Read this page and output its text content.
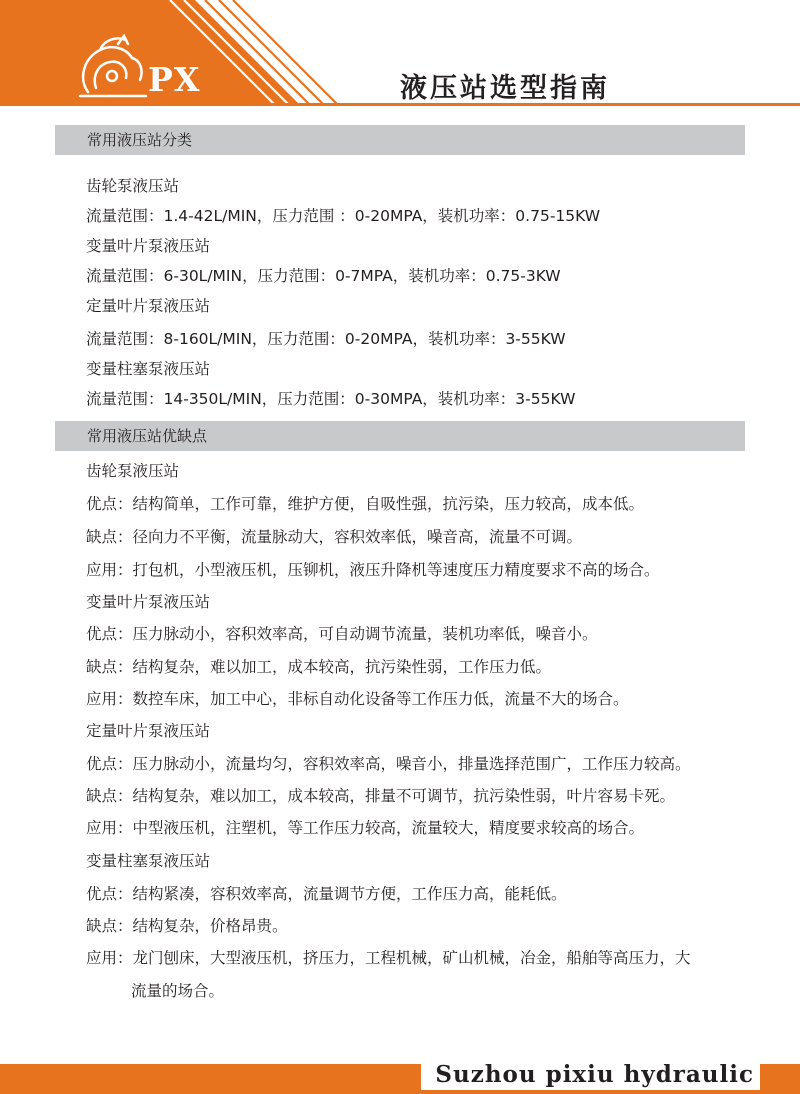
PX	液压站选型指南
常用液压站分类
齿轮泵液压站
流量范围：1.4-42L/MIN，压力范围 ：0-20MPA，装机功率：0.75-15KW
变量叶片泵液压站
流量范围：6-30L/MIN，压力范围：0-7MPA，装机功率：0.75-3KW
定量叶片泵液压站
流量范围：8-160L/MIN，压力范围：0-20MPA，装机功率：3-55KW
变量柱塞泵液压站
流量范围：14-350L/MIN，压力范围：0-30MPA，装机功率：3-55KW
常用液压站优缺点
齿轮泵液压站
优点：结构简单，工作可靠，维护方便，自吸性强，抗污染，压力较高，成本低。
缺点：径向力不平衡，流量脉动大，容积效率低，噪音高，流量不可调。
应用：打包机，小型液压机，压铆机，液压升降机等速度压力精度要求不高的场合。
变量叶片泵液压站
优点：压力脉动小，容积效率高，可自动调节流量，装机功率低，噪音小。
缺点：结构复杂，难以加工，成本较高，抗污染性弱，工作压力低。
应用：数控车床，加工中心，非标自动化设备等工作压力低，流量不大的场合。
定量叶片泵液压站
优点：压力脉动小，流量均匀，容积效率高，噪音小，排量选择范围广，工作压力较高。
缺点：结构复杂，难以加工，成本较高，排量不可调节，抗污染性弱，叶片容易卡死。
应用：中型液压机，注塑机，等工作压力较高，流量较大，精度要求较高的场合。
变量柱塞泵液压站
优点：结构紧凑，容积效率高，流量调节方便，工作压力高，能耗低。
缺点：结构复杂，价格昂贵。
应用：龙门刨床，大型液压机，挤压力，工程机械，矿山机械，冶金，船舶等高压力，大
流量的场合。
Suzhou pixiu hydraulic
